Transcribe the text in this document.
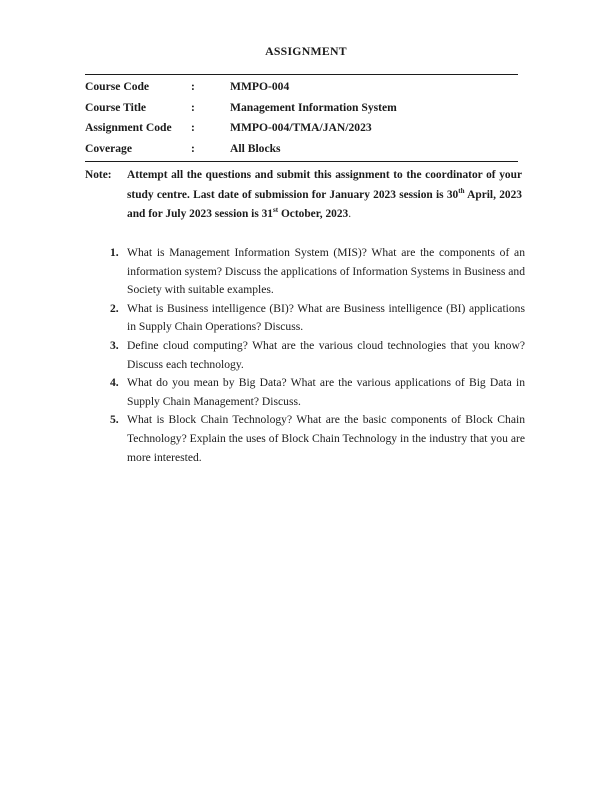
ASSIGNMENT
Course Code	:	MMPO-004
Course Title	:	Management Information System
Assignment Code	:	MMPO-004/TMA/JAN/2023
Coverage	:	All Blocks
Note:	Attempt all the questions and submit this assignment to the coordinator of your study centre. Last date of submission for January 2023 session is 30th April, 2023 and for July 2023 session is 31st October, 2023.

1. What is Management Information System (MIS)? What are the components of an information system? Discuss the applications of Information Systems in Business and Society with suitable examples.
2. What is Business intelligence (BI)? What are Business intelligence (BI) applications in Supply Chain Operations? Discuss.
3. Define cloud computing? What are the various cloud technologies that you know? Discuss each technology.
4. What do you mean by Big Data? What are the various applications of Big Data in Supply Chain Management? Discuss.
5. What is Block Chain Technology? What are the basic components of Block Chain Technology? Explain the uses of Block Chain Technology in the industry that you are more interested.
